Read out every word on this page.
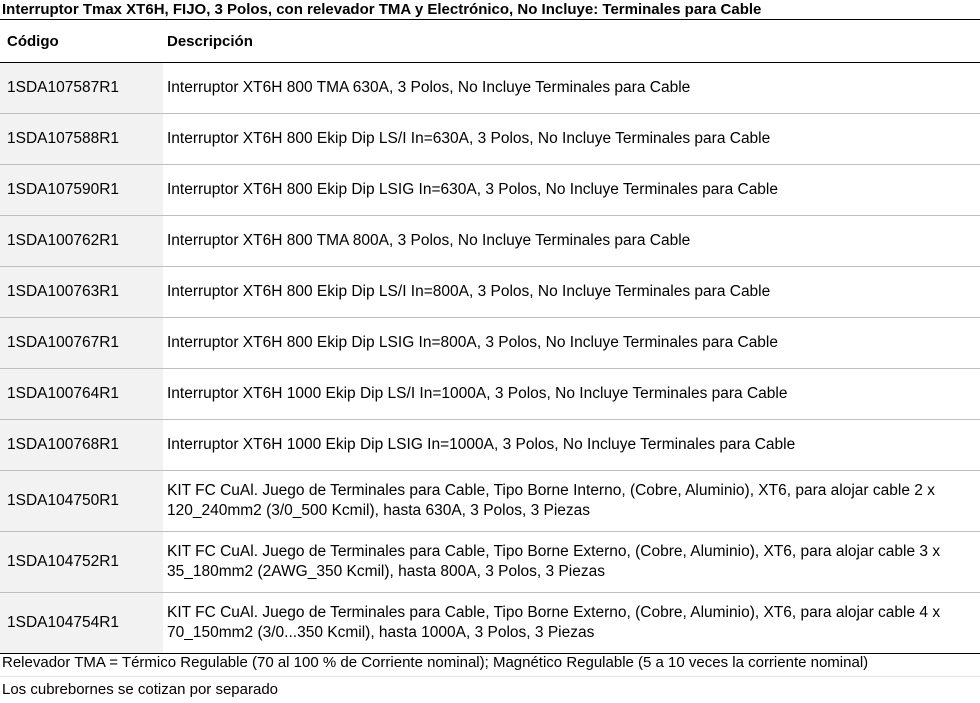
Interruptor Tmax XT6H, FIJO, 3 Polos, con relevador TMA y Electrónico, No Incluye: Terminales para Cable
Código	Descripción
1SDA107587R1	Interruptor XT6H 800 TMA 630A, 3 Polos, No Incluye Terminales para Cable
1SDA107588R1	Interruptor XT6H 800 Ekip Dip LS/I In=630A, 3 Polos, No Incluye Terminales para Cable
1SDA107590R1	Interruptor XT6H 800 Ekip Dip LSIG In=630A, 3 Polos, No Incluye Terminales para Cable
1SDA100762R1	Interruptor XT6H 800 TMA 800A, 3 Polos, No Incluye Terminales para Cable
1SDA100763R1	Interruptor XT6H 800 Ekip Dip LS/I In=800A, 3 Polos, No Incluye Terminales para Cable
1SDA100767R1	Interruptor XT6H 800 Ekip Dip LSIG In=800A, 3 Polos, No Incluye Terminales para Cable
1SDA100764R1	Interruptor XT6H 1000 Ekip Dip LS/I In=1000A, 3 Polos, No Incluye Terminales para Cable
1SDA100768R1	Interruptor XT6H 1000 Ekip Dip LSIG In=1000A, 3 Polos, No Incluye Terminales para Cable
1SDA104750R1	KIT FC CuAl. Juego de Terminales para Cable, Tipo Borne Interno, (Cobre, Aluminio), XT6, para alojar cable 2 x 120_240mm2 (3/0_500 Kcmil), hasta 630A, 3 Polos, 3 Piezas
1SDA104752R1	KIT FC CuAl. Juego de Terminales para Cable, Tipo Borne Externo, (Cobre, Aluminio), XT6, para alojar cable 3 x 35_180mm2 (2AWG_350 Kcmil), hasta 800A, 3 Polos, 3 Piezas
1SDA104754R1	KIT FC CuAl. Juego de Terminales para Cable, Tipo Borne Externo, (Cobre, Aluminio), XT6, para alojar cable 4 x 70_150mm2 (3/0...350 Kcmil), hasta 1000A, 3 Polos, 3 Piezas
Relevador TMA = Térmico Regulable (70 al 100 % de Corriente nominal); Magnético Regulable (5 a 10 veces la corriente nominal)
Los cubrebornes se cotizan por separado
